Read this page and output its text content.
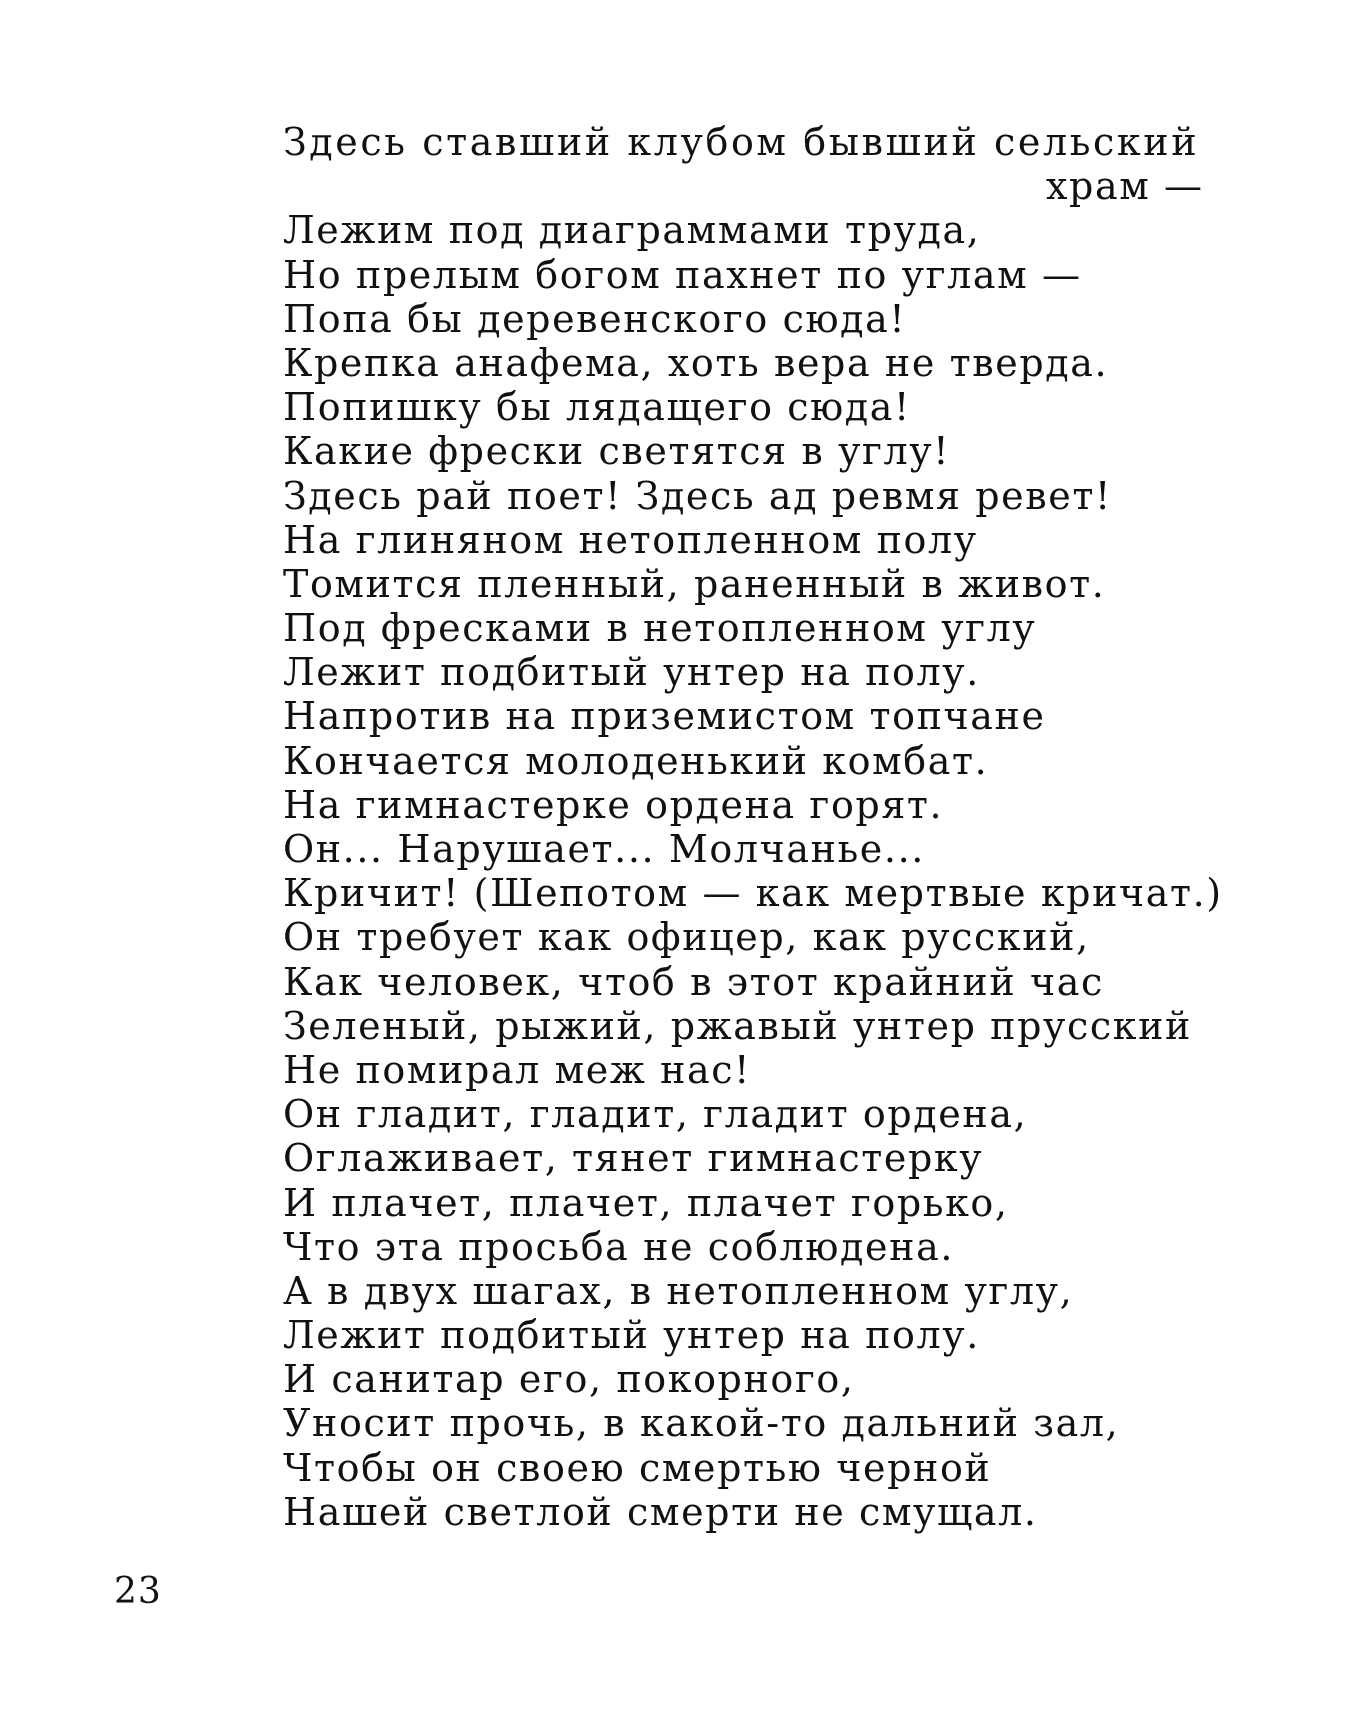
Здесь ставший клубом бывший сельский
храм —
Лежим под диаграммами труда,
Но прелым богом пахнет по углам —
Попа бы деревенского сюда!
Крепка анафема, хоть вера не тверда.
Попишку бы лядащего сюда!
Какие фрески светятся в углу!
Здесь рай поет! Здесь ад ревмя ревет!
На глиняном нетопленном полу
Томится пленный, раненный в живот.
Под фресками в нетопленном углу
Лежит подбитый унтер на полу.
Напротив на приземистом топчане
Кончается молоденький комбат.
На гимнастерке ордена горят.
Он... Нарушает... Молчанье...
Кричит! (Шепотом — как мертвые кричат.)
Он требует как офицер, как русский,
Как человек, чтоб в этот крайний час
Зеленый, рыжий, ржавый унтер прусский
Не помирал меж нас!
Он гладит, гладит, гладит ордена,
Оглаживает, тянет гимнастерку
И плачет, плачет, плачет горько,
Что эта просьба не соблюдена.
А в двух шагах, в нетопленном углу,
Лежит подбитый унтер на полу.
И санитар его, покорного,
Уносит прочь, в какой-то дальний зал,
Чтобы он своею смертью черной
Нашей светлой смерти не смущал.
23
